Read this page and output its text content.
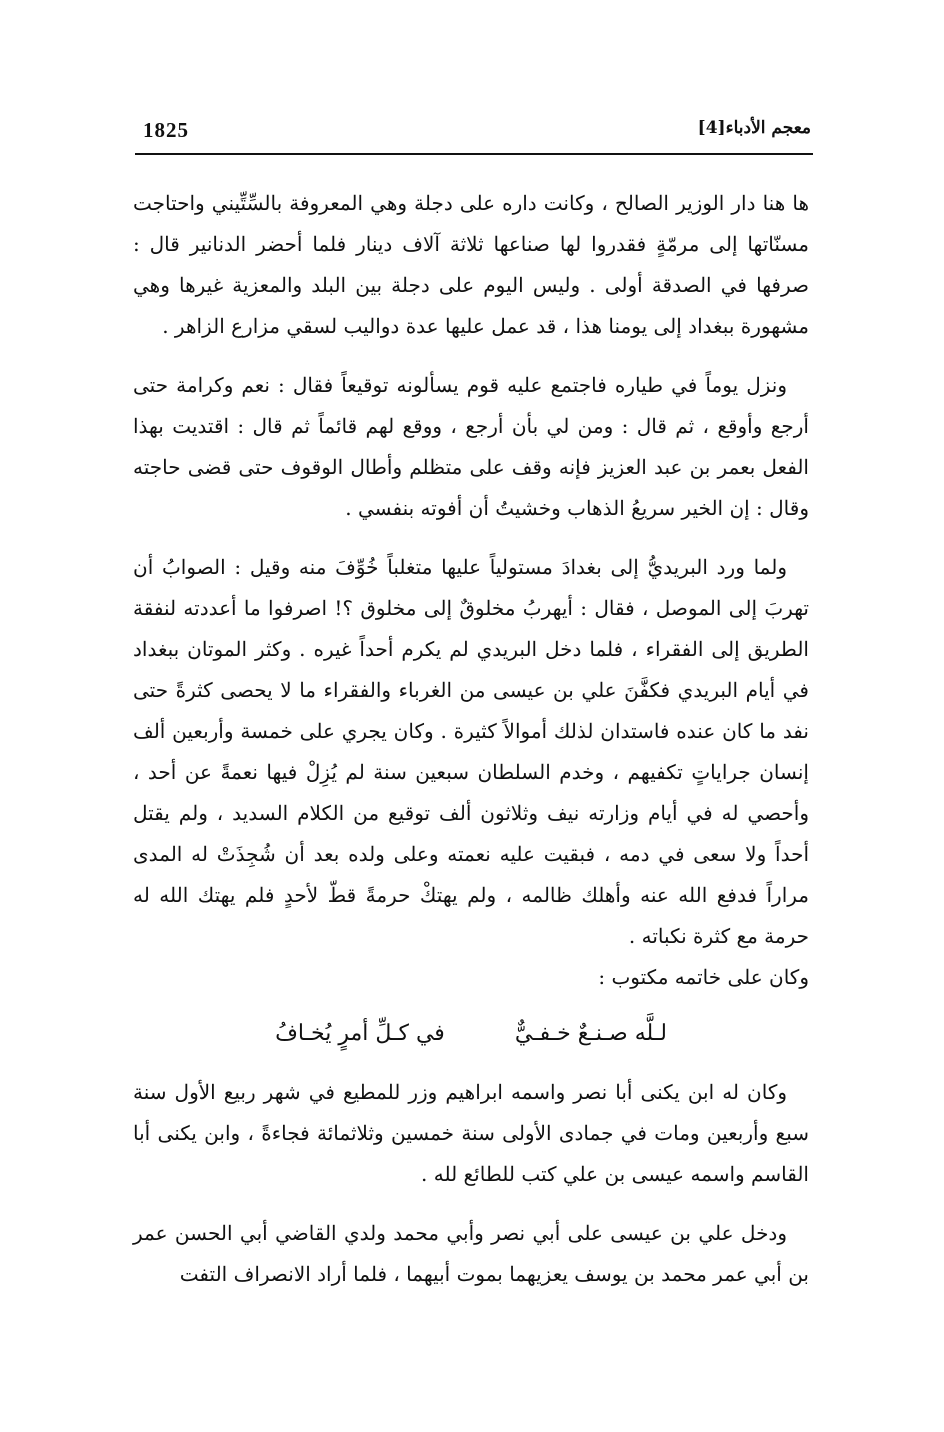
1825	معجم الأدباء[4]

ها هنا دار الوزير الصالح ، وكانت داره على دجلة وهي المعروفة بالسِّتِّيني واحتاجت مسنّاتها إلى مرمّةٍ فقدروا لها صناعها ثلاثة آلاف دينار فلما أحضر الدنانير قال : صرفها في الصدقة أولى . وليس اليوم على دجلة بين البلد والمعزية غيرها وهي مشهورة ببغداد إلى يومنا هذا ، قد عمل عليها عدة دواليب لسقي مزارع الزاهر .

ونزل يوماً في طياره فاجتمع عليه قوم يسألونه توقيعاً فقال : نعم وكرامة حتى أرجع وأوقع ، ثم قال : ومن لي بأن أرجع ، ووقع لهم قائماً ثم قال : اقتديت بهذا الفعل بعمر بن عبد العزيز فإنه وقف على متظلم وأطال الوقوف حتى قضى حاجته وقال : إن الخير سريعُ الذهاب وخشيتُ أن أفوته بنفسي .

ولما ورد البريديُّ إلى بغدادَ مستولياً عليها متغلباً خُوِّفَ منه وقيل : الصوابُ أن تهربَ إلى الموصل ، فقال : أيهربُ مخلوقٌ إلى مخلوق ؟! اصرفوا ما أعددته لنفقة الطريق إلى الفقراء ، فلما دخل البريدي لم يكرم أحداً غيره . وكثر الموتان ببغداد في أيام البريدي فكفَّنَ علي بن عيسى من الغرباء والفقراء ما لا يحصى كثرةً حتى نفد ما كان عنده فاستدان لذلك أموالاً كثيرة . وكان يجري على خمسة وأربعين ألف إنسان جراياتٍ تكفيهم ، وخدم السلطان سبعين سنة لم يُزِلْ فيها نعمةً عن أحد ، وأحصي له في أيام وزارته نيف وثلاثون ألف توقيع من الكلام السديد ، ولم يقتل أحداً ولا سعى في دمه ، فبقيت عليه نعمته وعلى ولده بعد أن شُجِذَتْ له المدى مراراً فدفع الله عنه وأهلك ظالمه ، ولم يهتكْ حرمةً قطّ لأحدٍ فلم يهتك الله له حرمة مع كثرة نكباته .

وكان على خاتمه مكتوب :

لـلَّه صـنـعٌ خـفـيٌّ
في كـلِّ أمرٍ يُخـافُ

وكان له ابن يكنى أبا نصر واسمه ابراهيم وزر للمطيع في شهر ربيع الأول سنة سبع وأربعين ومات في جمادى الأولى سنة خمسين وثلاثمائة فجاءةً ، وابن يكنى أبا القاسم واسمه عيسى بن علي كتب للطائع لله .

ودخل علي بن عيسى على أبي نصر وأبي محمد ولدي القاضي أبي الحسن عمر بن أبي عمر محمد بن يوسف يعزيهما بموت أبيهما ، فلما أراد الانصراف التفت
